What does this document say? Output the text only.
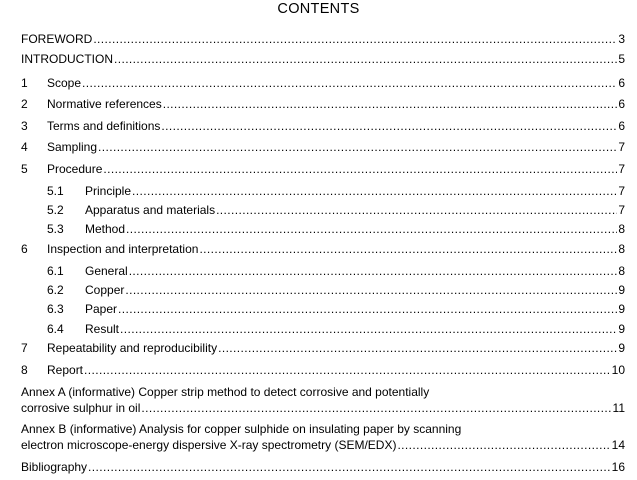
CONTENTS
FOREWORD .....	3
INTRODUCTION .....	5
1	Scope .....	6
2	Normative references .....	6
3	Terms and definitions .....	6
4	Sampling .....	7
5	Procedure .....	7
5.1	Principle .....	7
5.2	Apparatus and materials .....	7
5.3	Method .....	8
6	Inspection and interpretation .....	8
6.1	General .....	8
6.2	Copper .....	9
6.3	Paper .....	9
6.4	Result .....	9
7	Repeatability and reproducibility .....	9
8	Report .....	10
Annex A (informative) Copper strip method to detect corrosive and potentially
corrosive sulphur in oil .....	11
Annex B (informative) Analysis for copper sulphide on insulating paper by scanning
electron microscope-energy dispersive X-ray spectrometry (SEM/EDX) .....	14
Bibliography .....	16
